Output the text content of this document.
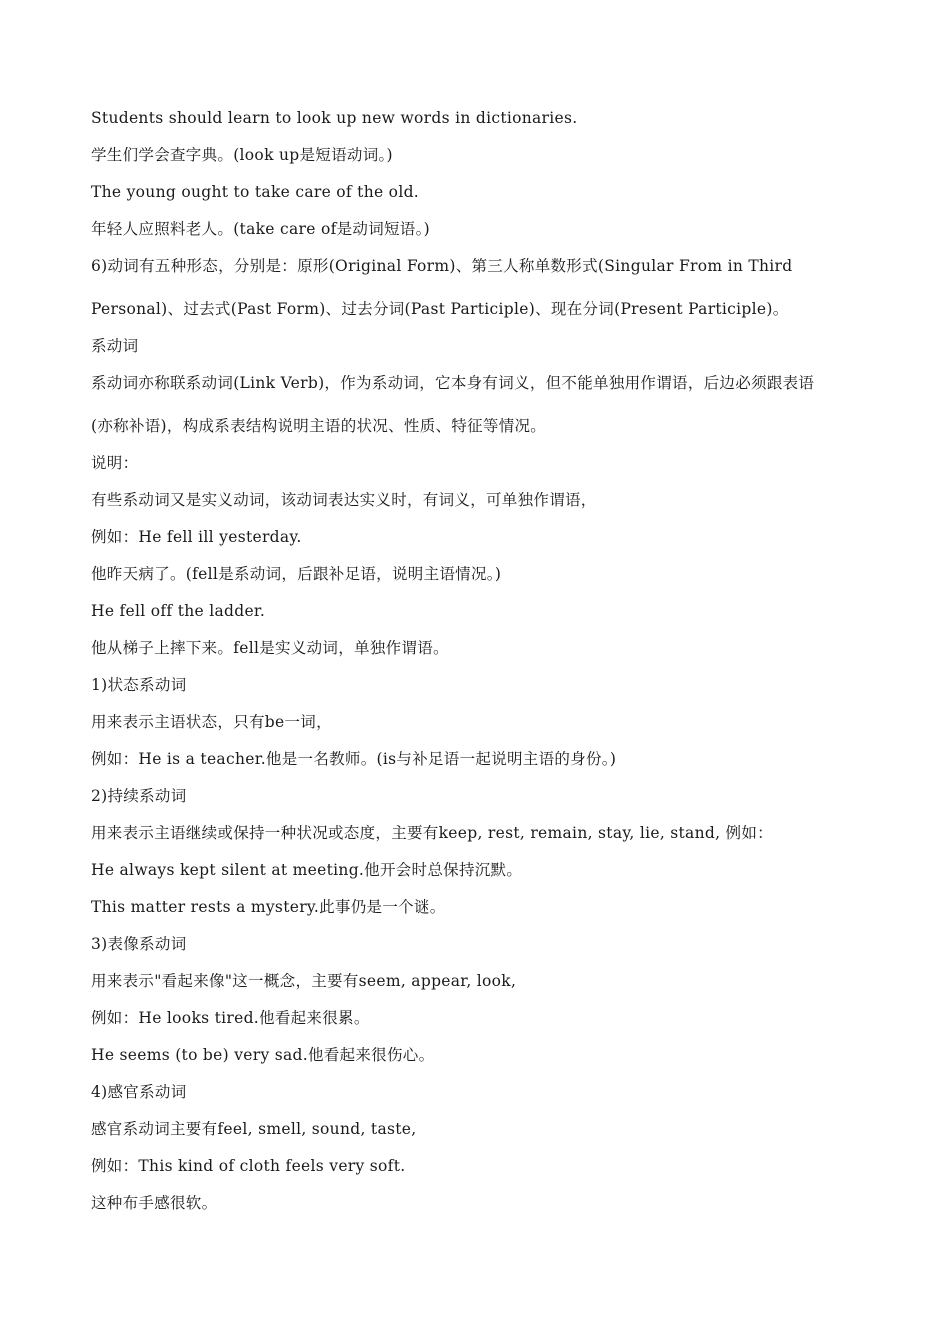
Students should learn to look up new words in dictionaries.
学生们学会查字典。(look up是短语动词。)
The young ought to take care of the old.
年轻人应照料老人。(take care of是动词短语。)
6)动词有五种形态，分别是：原形(Original Form)、第三人称单数形式(Singular From in Third
Personal)、过去式(Past Form)、过去分词(Past Participle)、现在分词(Present Participle)。
系动词
系动词亦称联系动词(Link Verb)，作为系动词，它本身有词义，但不能单独用作谓语，后边必须跟表语
(亦称补语)，构成系表结构说明主语的状况、性质、特征等情况。
说明：
有些系动词又是实义动词，该动词表达实义时，有词义，可单独作谓语，
例如：He fell ill yesterday.
他昨天病了。(fell是系动词，后跟补足语，说明主语情况。)
He fell off the ladder.
他从梯子上摔下来。fell是实义动词，单独作谓语。
1)状态系动词
用来表示主语状态，只有be一词，
例如：He is a teacher.他是一名教师。(is与补足语一起说明主语的身份。)
2)持续系动词
用来表示主语继续或保持一种状况或态度，主要有keep, rest, remain, stay, lie, stand, 例如：
He always kept silent at meeting.他开会时总保持沉默。
This matter rests a mystery.此事仍是一个谜。
3)表像系动词
用来表示"看起来像"这一概念，主要有seem, appear, look,
例如：He looks tired.他看起来很累。
He seems (to be) very sad.他看起来很伤心。
4)感官系动词
感官系动词主要有feel, smell, sound, taste,
例如：This kind of cloth feels very soft.
这种布手感很软。
